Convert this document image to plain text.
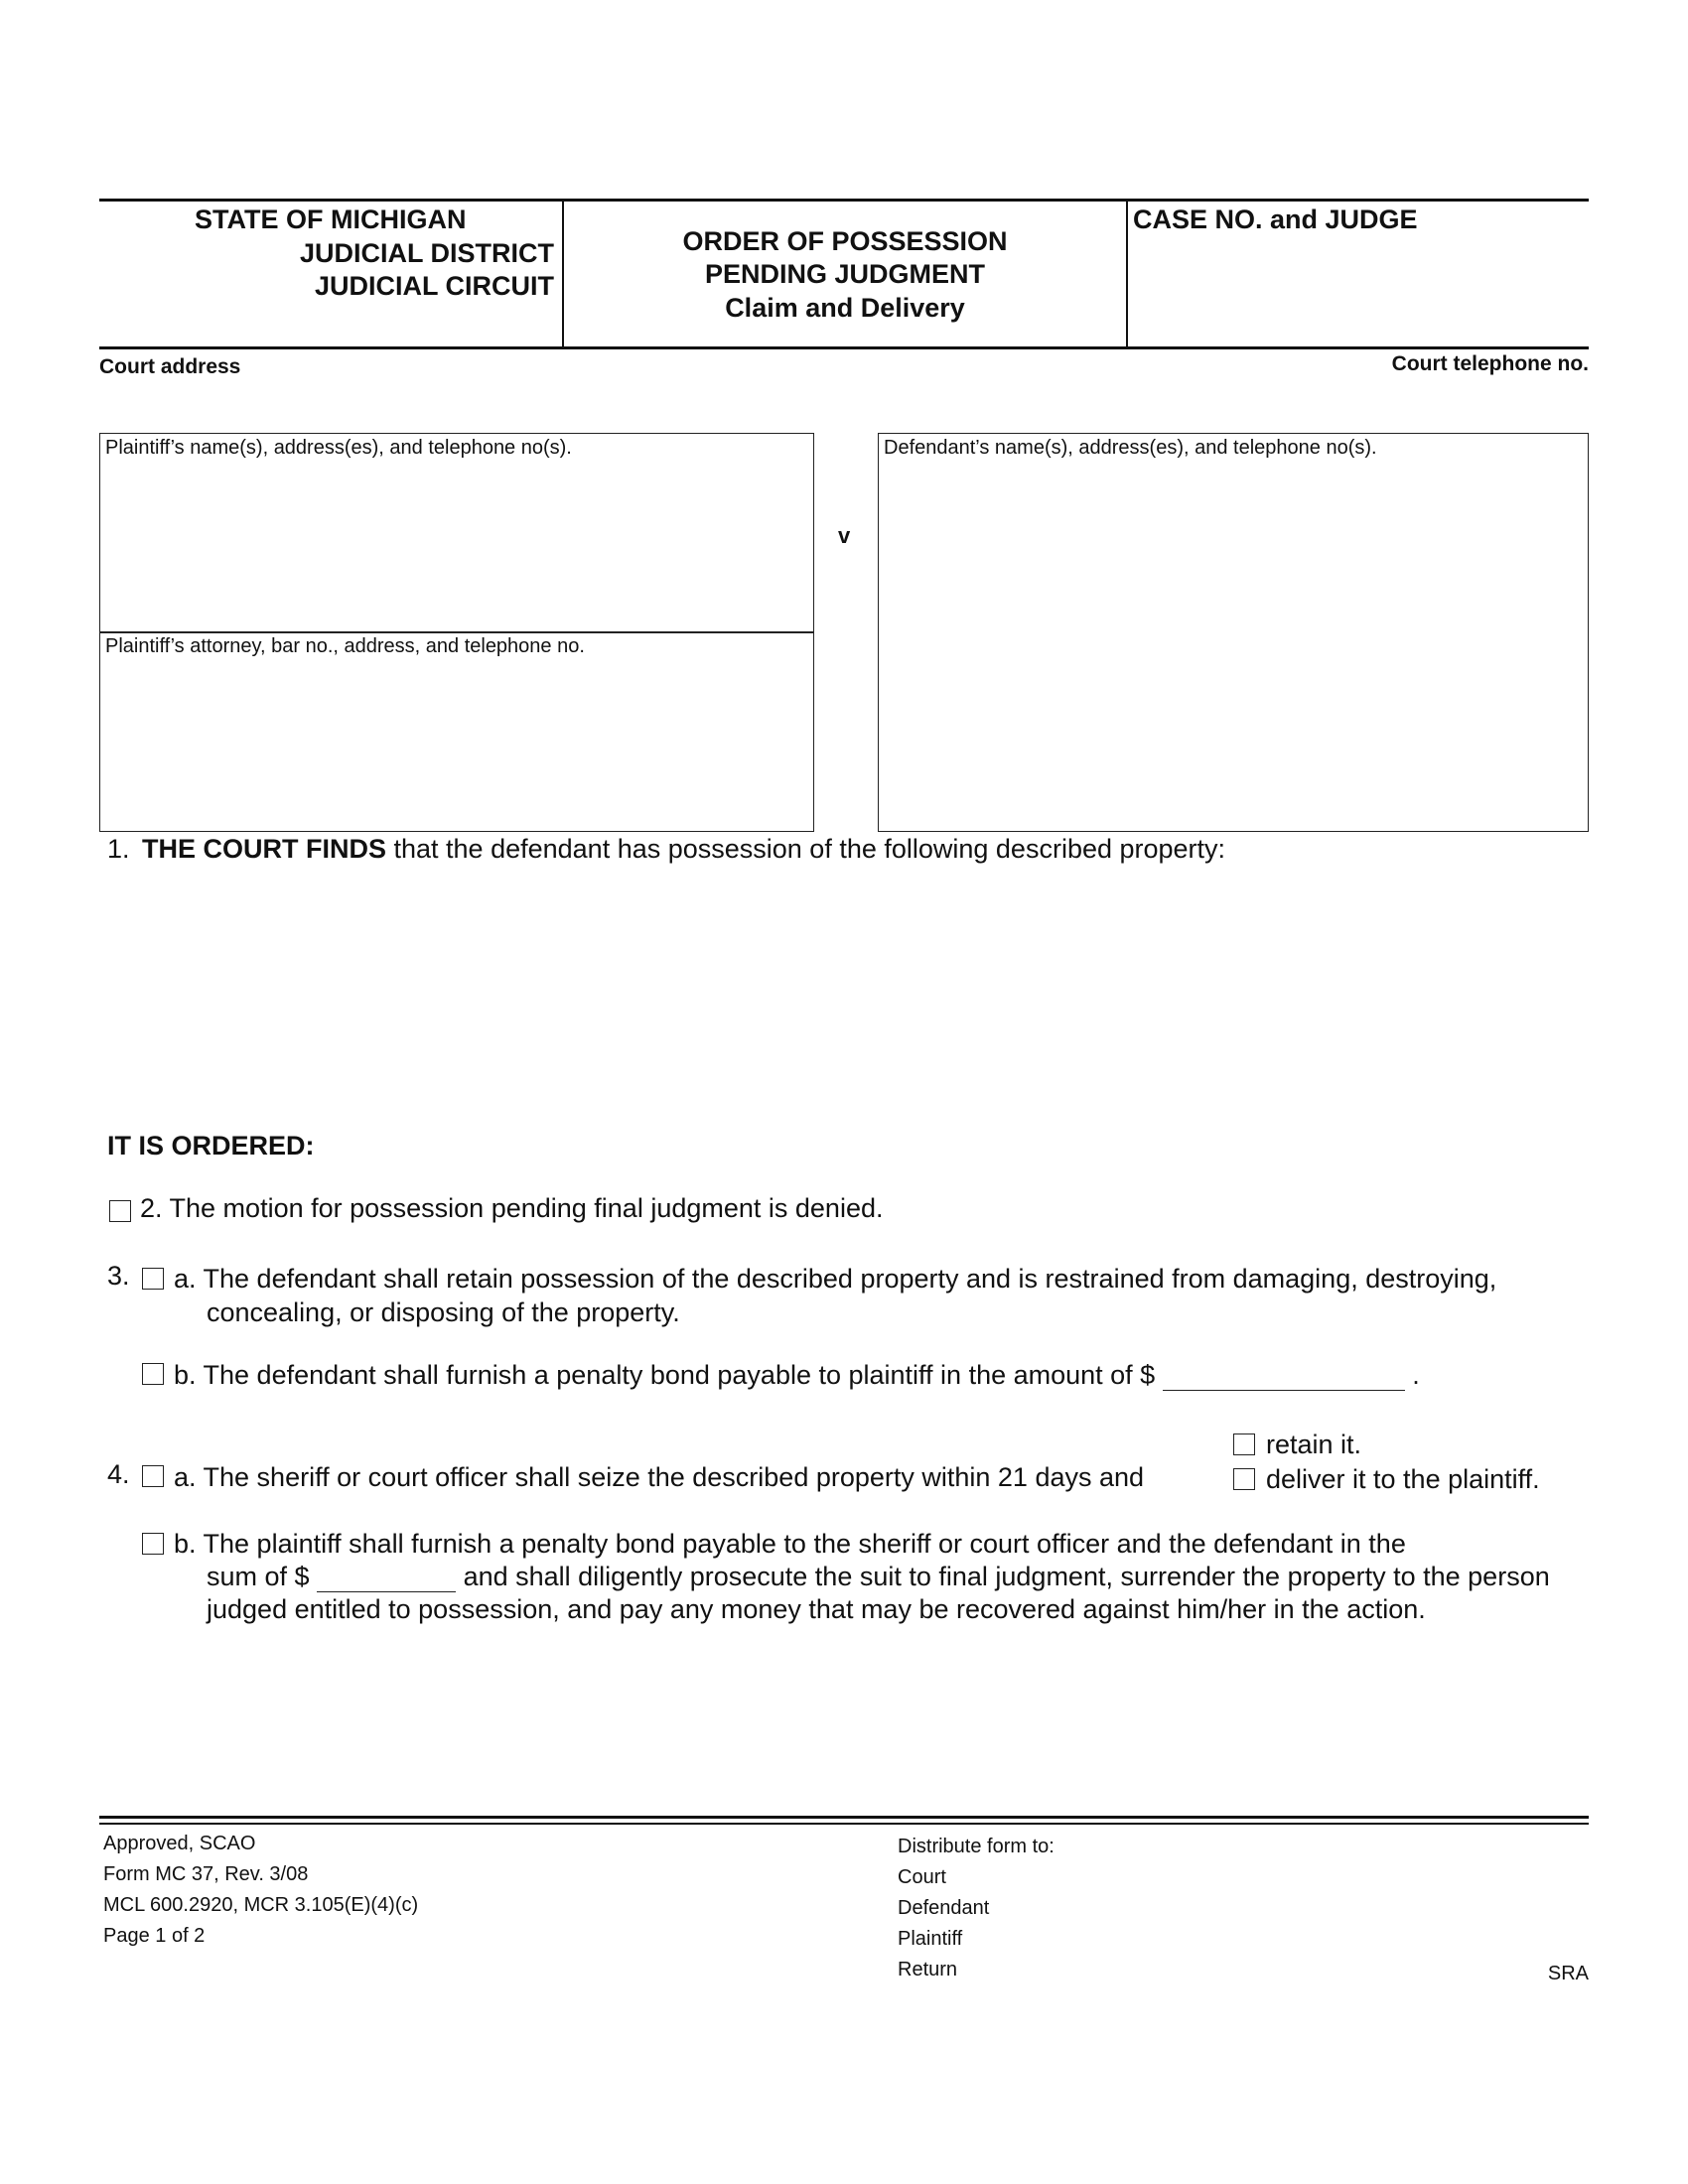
STATE OF MICHIGAN
JUDICIAL DISTRICT
JUDICIAL CIRCUIT
ORDER OF POSSESSION
PENDING JUDGMENT
Claim and Delivery
CASE NO. and JUDGE
Court address	Court telephone no.
Plaintiff’s name(s), address(es), and telephone no(s).
Plaintiff’s attorney, bar no., address, and telephone no.
v
Defendant’s name(s), address(es), and telephone no(s).
1. THE COURT FINDS that the defendant has possession of the following described property:
IT IS ORDERED:
2. The motion for possession pending final judgment is denied.
3. a. The defendant shall retain possession of the described property and is restrained from damaging, destroying,
concealing, or disposing of the property.
b. The defendant shall furnish a penalty bond payable to plaintiff in the amount of $	.
4. a. The sheriff or court officer shall seize the described property within 21 days and
retain it.
deliver it to the plaintiff.
b. The plaintiff shall furnish a penalty bond payable to the sheriff or court officer and the defendant in the
sum of $	and shall diligently prosecute the suit to final judgment, surrender the property to the person
judged entitled to possession, and pay any money that may be recovered against him/her in the action.
Approved, SCAO
Form MC 37, Rev. 3/08
MCL 600.2920, MCR 3.105(E)(4)(c)
Page 1 of 2
Distribute form to:
Court
Defendant
Plaintiff
Return	SRA
